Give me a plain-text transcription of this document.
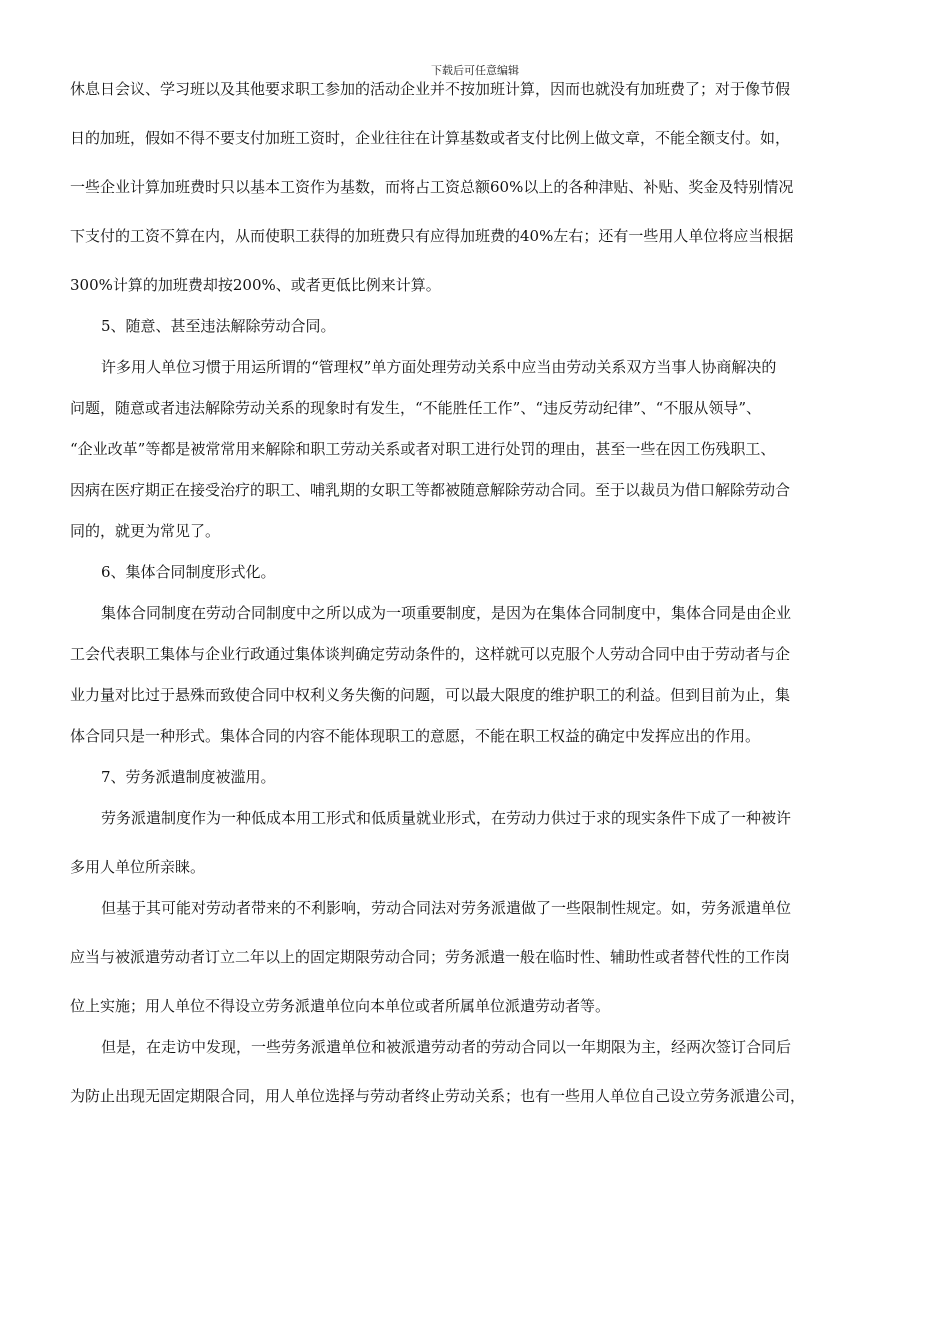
下载后可任意编辑

休息日会议、学习班以及其他要求职工参加的活动企业并不按加班计算，因而也就没有加班费了；对于像节假

日的加班，假如不得不要支付加班工资时，企业往往在计算基数或者支付比例上做文章，不能全额支付。如，

一些企业计算加班费时只以基本工资作为基数，而将占工资总额60%以上的各种津贴、补贴、奖金及特别情况

下支付的工资不算在内，从而使职工获得的加班费只有应得加班费的40%左右；还有一些用人单位将应当根据

300%计算的加班费却按200%、或者更低比例来计算。

5、随意、甚至违法解除劳动合同。

许多用人单位习惯于用运所谓的“管理权”单方面处理劳动关系中应当由劳动关系双方当事人协商解决的

问题，随意或者违法解除劳动关系的现象时有发生，“不能胜任工作”、“违反劳动纪律”、“不服从领导”、

“企业改革”等都是被常常用来解除和职工劳动关系或者对职工进行处罚的理由，甚至一些在因工伤残职工、

因病在医疗期正在接受治疗的职工、哺乳期的女职工等都被随意解除劳动合同。至于以裁员为借口解除劳动合

同的，就更为常见了。

6、集体合同制度形式化。

集体合同制度在劳动合同制度中之所以成为一项重要制度，是因为在集体合同制度中，集体合同是由企业

工会代表职工集体与企业行政通过集体谈判确定劳动条件的，这样就可以克服个人劳动合同中由于劳动者与企

业力量对比过于悬殊而致使合同中权利义务失衡的问题，可以最大限度的维护职工的利益。但到目前为止，集

体合同只是一种形式。集体合同的内容不能体现职工的意愿，不能在职工权益的确定中发挥应出的作用。

7、劳务派遣制度被滥用。

劳务派遣制度作为一种低成本用工形式和低质量就业形式，在劳动力供过于求的现实条件下成了一种被许

多用人单位所亲睐。

但基于其可能对劳动者带来的不利影响，劳动合同法对劳务派遣做了一些限制性规定。如，劳务派遣单位

应当与被派遣劳动者订立二年以上的固定期限劳动合同；劳务派遣一般在临时性、辅助性或者替代性的工作岗

位上实施；用人单位不得设立劳务派遣单位向本单位或者所属单位派遣劳动者等。

但是，在走访中发现，一些劳务派遣单位和被派遣劳动者的劳动合同以一年期限为主，经两次签订合同后

为防止出现无固定期限合同，用人单位选择与劳动者终止劳动关系；也有一些用人单位自己设立劳务派遣公司，
